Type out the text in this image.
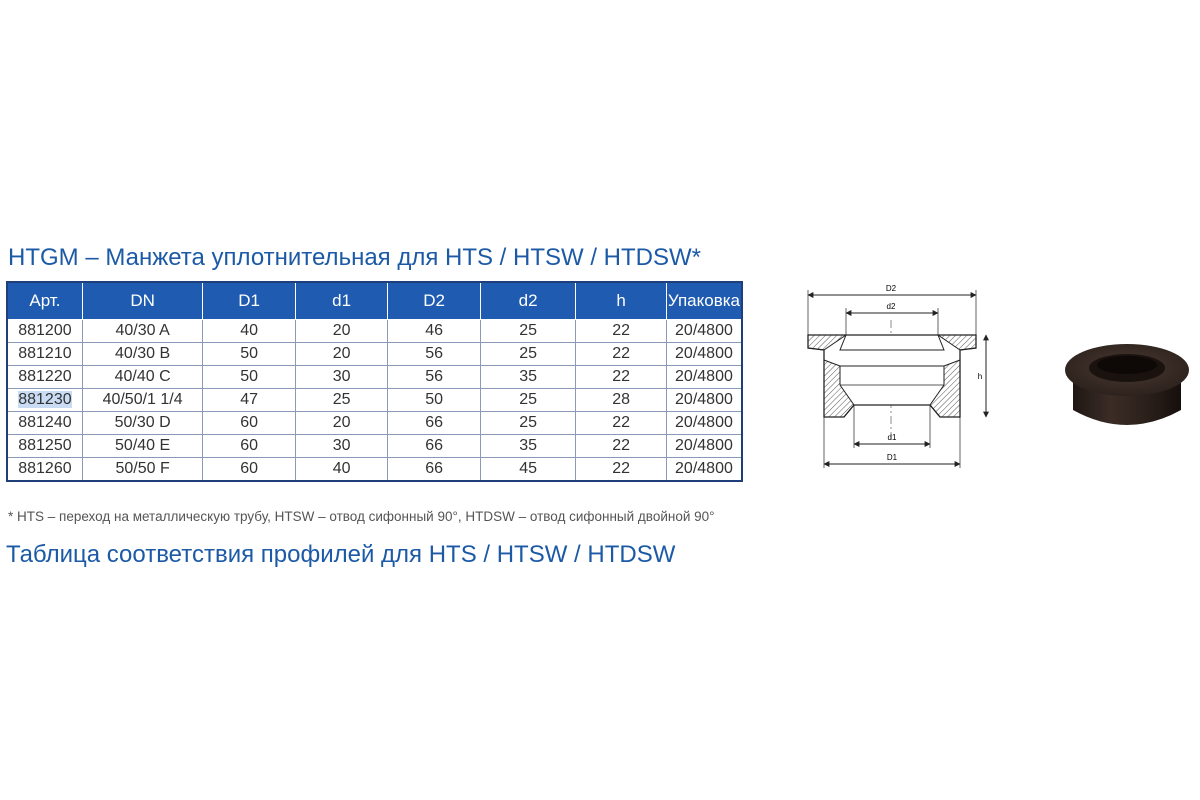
HTGM – Манжета уплотнительная для HTS / HTSW / HTDSW*
Арт.	DN	D1	d1	D2	d2	h	Упаковка
881200	40/30 A	40	20	46	25	22	20/4800
881210	40/30 B	50	20	56	25	22	20/4800
881220	40/40 C	50	30	56	35	22	20/4800
881230	40/50/1 1/4	47	25	50	25	28	20/4800
881240	50/30 D	60	20	66	25	22	20/4800
881250	50/40 E	60	30	66	35	22	20/4800
881260	50/50 F	60	40	66	45	22	20/4800
* HTS – переход на металлическую трубу, HTSW – отвод сифонный 90°, HTDSW – отвод сифонный двойной 90°
Таблица соответствия профилей для HTS / HTSW / HTDSW
D2
d2
h
d1
D1
